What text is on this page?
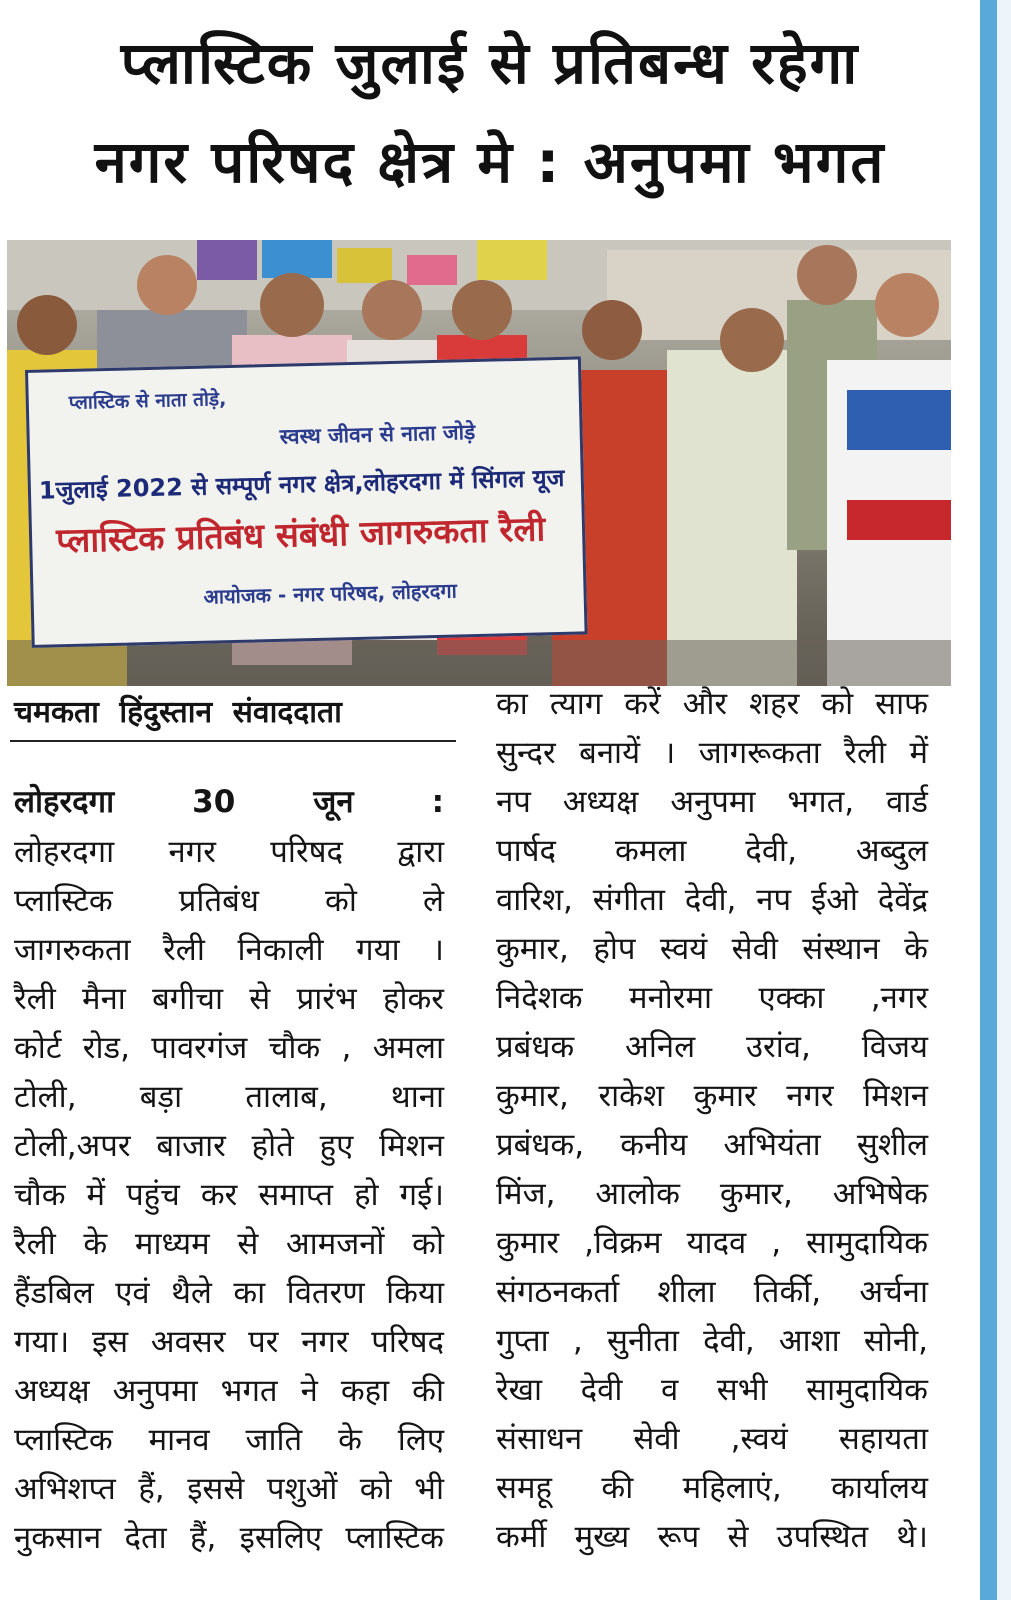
प्लास्टिक जुलाई से प्रतिबन्ध रहेगा
नगर परिषद क्षेत्र मे : अनुपमा भगत
प्लास्टिक से नाता तोड़े,
स्वस्थ जीवन से नाता जोड़े
1जुलाई 2022 से सम्पूर्ण नगर क्षेत्र,लोहरदगा में सिंगल यूज
प्लास्टिक प्रतिबंध संबंधी जागरुकता रैली
आयोजक - नगर परिषद, लोहरदगा
चमकता हिंदुस्तान संवाददाता
लोहरदगा 30 जून :
लोहरदगा नगर परिषद द्वारा
प्लास्टिक प्रतिबंध को ले
जागरुकता रैली निकाली गया ।
रैली मैना बगीचा से प्रारंभ होकर
कोर्ट रोड, पावरगंज चौक , अमला
टोली, बड़ा तालाब, थाना
टोली,अपर बाजार होते हुए मिशन
चौक में पहुंच कर समाप्त हो गई।
रैली के माध्यम से आमजनों को
हैंडबिल एवं थैले का वितरण किया
गया। इस अवसर पर नगर परिषद
अध्यक्ष अनुपमा भगत ने कहा की
प्लास्टिक मानव जाति के लिए
अभिशप्त हैं, इससे पशुओं को भी
नुकसान देता हैं, इसलिए प्लास्टिक
का त्याग करें और शहर को साफ
सुन्दर बनायें । जागरूकता रैली में
नप अध्यक्ष अनुपमा भगत, वार्ड
पार्षद कमला देवी, अब्दुल
वारिश, संगीता देवी, नप ईओ देवेंद्र
कुमार, होप स्वयं सेवी संस्थान के
निदेशक मनोरमा एक्का ,नगर
प्रबंधक अनिल उरांव, विजय
कुमार, राकेश कुमार नगर मिशन
प्रबंधक, कनीय अभियंता सुशील
मिंज, आलोक कुमार, अभिषेक
कुमार ,विक्रम यादव , सामुदायिक
संगठनकर्ता शीला तिर्की, अर्चना
गुप्ता , सुनीता देवी, आशा सोनी,
रेखा देवी व सभी सामुदायिक
संसाधन सेवी ,स्वयं सहायता
समहू की महिलाएं, कार्यालय
कर्मी मुख्य रूप से उपस्थित थे।
